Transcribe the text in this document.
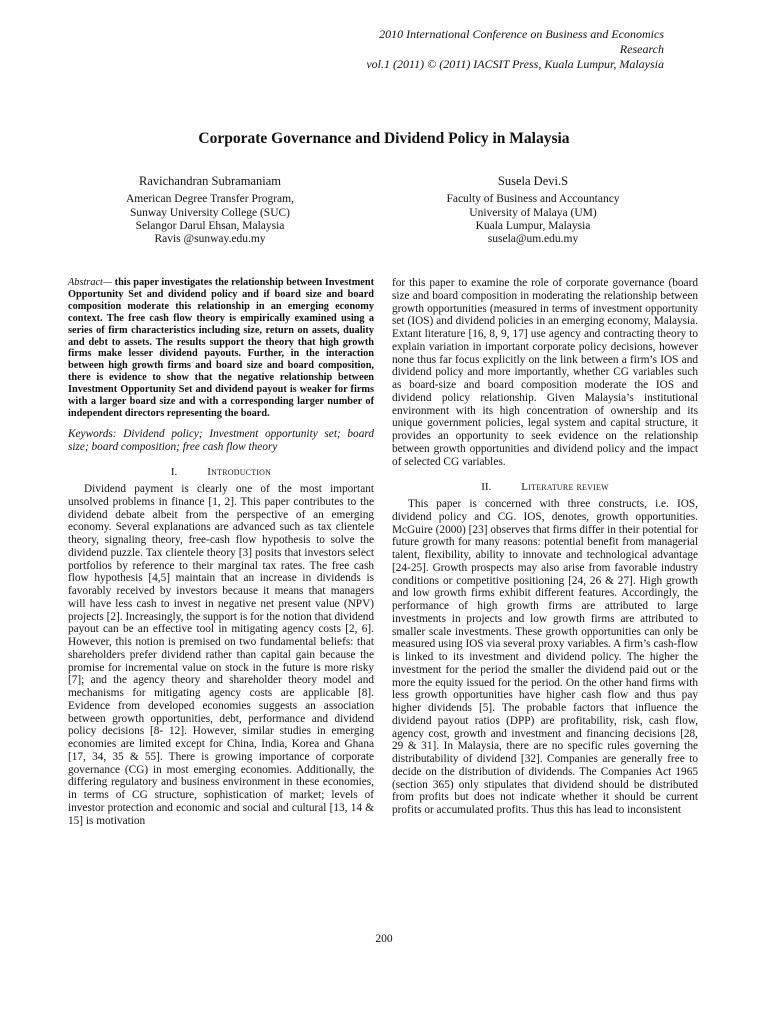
2010 International Conference on Business and Economics
Research
vol.1 (2011) © (2011) IACSIT Press, Kuala Lumpur, Malaysia
Corporate Governance and Dividend Policy in Malaysia
Ravichandran Subramaniam
American Degree Transfer Program,
Sunway University College (SUC)
Selangor Darul Ehsan, Malaysia
Ravis @sunway.edu.my
Susela Devi.S
Faculty of Business and Accountancy
University of Malaya (UM)
Kuala Lumpur, Malaysia
susela@um.edu.my
Abstract— this paper investigates the relationship between Investment Opportunity Set and dividend policy and if board size and board composition moderate this relationship in an emerging economy context. The free cash flow theory is empirically examined using a series of firm characteristics including size, return on assets, duality and debt to assets. The results support the theory that high growth firms make lesser dividend payouts. Further, in the interaction between high growth firms and board size and board composition, there is evidence to show that the negative relationship between Investment Opportunity Set and dividend payout is weaker for firms with a larger board size and with a corresponding larger number of independent directors representing the board.
Keywords: Dividend policy; Investment opportunity set; board size; board composition; free cash flow theory
I.	Introduction

Dividend payment is clearly one of the most important unsolved problems in finance [1, 2]. This paper contributes to the dividend debate albeit from the perspective of an emerging economy. Several explanations are advanced such as tax clientele theory, signaling theory, free-cash flow hypothesis to solve the dividend puzzle. Tax clientele theory [3] posits that investors select portfolios by reference to their marginal tax rates. The free cash flow hypothesis [4,5] maintain that an increase in dividends is favorably received by investors because it means that managers will have less cash to invest in negative net present value (NPV) projects [2]. Increasingly, the support is for the notion that dividend payout can be an effective tool in mitigating agency costs [2, 6]. However, this notion is premised on two fundamental beliefs: that shareholders prefer dividend rather than capital gain because the promise for incremental value on stock in the future is more risky [7]; and the agency theory and shareholder theory model and mechanisms for mitigating agency costs are applicable [8]. Evidence from developed economies suggests an association between growth opportunities, debt, performance and dividend policy decisions [8- 12]. However, similar studies in emerging economies are limited except for China, India, Korea and Ghana [17, 34, 35 & 55]. There is growing importance of corporate governance (CG) in most emerging economies. Additionally, the differing regulatory and business environment in these economies, in terms of CG structure, sophistication of market; levels of investor protection and economic and social and cultural [13, 14 & 15] is motivation

for this paper to examine the role of corporate governance (board size and board composition in moderating the relationship between growth opportunities (measured in terms of investment opportunity set (IOS) and dividend policies in an emerging economy, Malaysia. Extant literature [16, 8, 9, 17] use agency and contracting theory to explain variation in important corporate policy decisions, however none thus far focus explicitly on the link between a firm’s IOS and dividend policy and more importantly, whether CG variables such as board-size and board composition moderate the IOS and dividend policy relationship. Given Malaysia’s institutional environment with its high concentration of ownership and its unique government policies, legal system and capital structure, it provides an opportunity to seek evidence on the relationship between growth opportunities and dividend policy and the impact of selected CG variables.

II.	Literature review

This paper is concerned with three constructs, i.e. IOS, dividend policy and CG. IOS, denotes, growth opportunities. McGuire (2000) [23] observes that firms differ in their potential for future growth for many reasons: potential benefit from managerial talent, flexibility, ability to innovate and technological advantage [24-25]. Growth prospects may also arise from favorable industry conditions or competitive positioning [24, 26 & 27]. High growth and low growth firms exhibit different features. Accordingly, the performance of high growth firms are attributed to large investments in projects and low growth firms are attributed to smaller scale investments. These growth opportunities can only be measured using IOS via several proxy variables. A firm’s cash-flow is linked to its investment and dividend policy. The higher the investment for the period the smaller the dividend paid out or the more the equity issued for the period. On the other hand firms with less growth opportunities have higher cash flow and thus pay higher dividends [5]. The probable factors that influence the dividend payout ratios (DPP) are profitability, risk, cash flow, agency cost, growth and investment and financing decisions [28, 29 & 31]. In Malaysia, there are no specific rules governing the distributability of dividend [32]. Companies are generally free to decide on the distribution of dividends. The Companies Act 1965 (section 365) only stipulates that dividend should be distributed from profits but does not indicate whether it should be current profits or accumulated profits. Thus this has lead to inconsistent

200
